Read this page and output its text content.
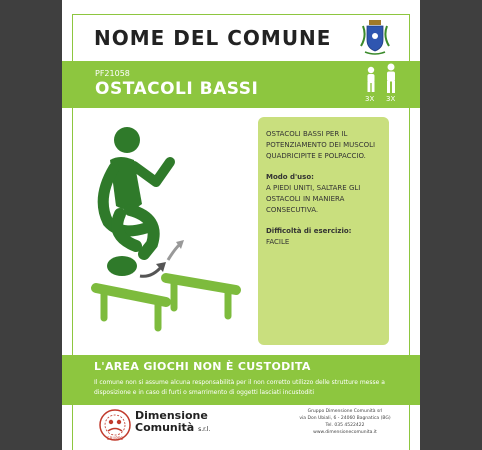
NOME DEL COMUNE
PF21058
OSTACOLI BASSI	3X 3X

OSTACOLI BASSI PER IL POTENZIAMENTO DEI MUSCOLI QUADRICIPITE E POLPACCIO.

Modo d'uso:

A PIEDI UNITI, SALTARE GLI OSTACOLI IN MANIERA CONSECUTIVA.

Difficoltà di esercizio:

FACILE

L'AREA GIOCHI NON È CUSTODITA
Il comune non si assume alcuna responsabilità per il non corretto utilizzo delle strutture messe a disposizione e in caso di furti o smarrimento di oggetti lasciati incustoditi
GRUPPO
Dimensione
Comunità s.r.l.
Gruppo Dimensione Comunità srl
via Don Ubiali, 6 - 24060 Bagnatica (BG)
Tel. 035 4522422
www.dimensionecomunita.it
